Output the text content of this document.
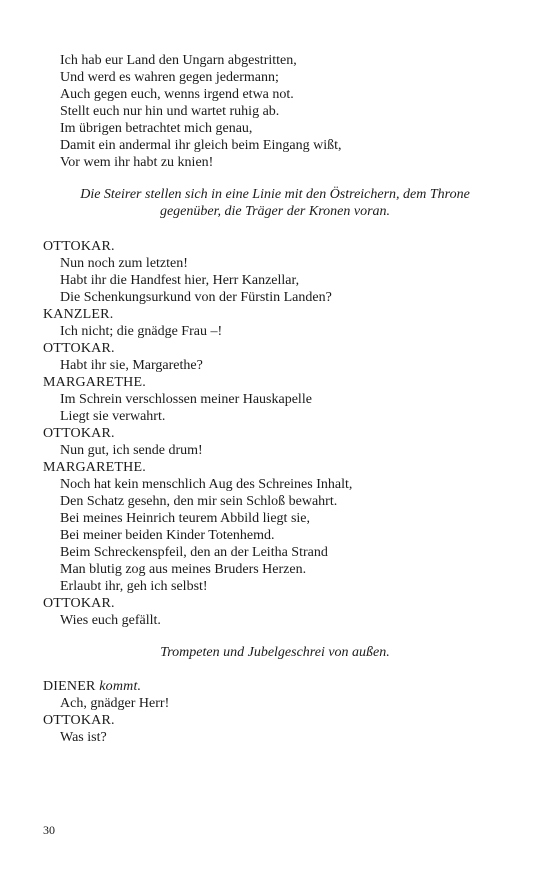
Ich hab eur Land den Ungarn abgestritten,
Und werd es wahren gegen jedermann;
Auch gegen euch, wenns irgend etwa not.
Stellt euch nur hin und wartet ruhig ab.
Im übrigen betrachtet mich genau,
Damit ein andermal ihr gleich beim Eingang wißt,
Vor wem ihr habt zu knien!
Die Steirer stellen sich in eine Linie mit den Östreichern, dem Throne
gegenüber, die Träger der Kronen voran.
OTTOKAR.
Nun noch zum letzten!
Habt ihr die Handfest hier, Herr Kanzellar,
Die Schenkungsurkund von der Fürstin Landen?
KANZLER.
Ich nicht; die gnädge Frau –!
OTTOKAR.
Habt ihr sie, Margarethe?
MARGARETHE.
Im Schrein verschlossen meiner Hauskapelle
Liegt sie verwahrt.
OTTOKAR.
Nun gut, ich sende drum!
MARGARETHE.
Noch hat kein menschlich Aug des Schreines Inhalt,
Den Schatz gesehn, den mir sein Schloß bewahrt.
Bei meines Heinrich teurem Abbild liegt sie,
Bei meiner beiden Kinder Totenhemd.
Beim Schreckenspfeil, den an der Leitha Strand
Man blutig zog aus meines Bruders Herzen.
Erlaubt ihr, geh ich selbst!
OTTOKAR.
Wies euch gefällt.
Trompeten und Jubelgeschrei von außen.
DIENER kommt.
Ach, gnädger Herr!
OTTOKAR.
Was ist?
30
